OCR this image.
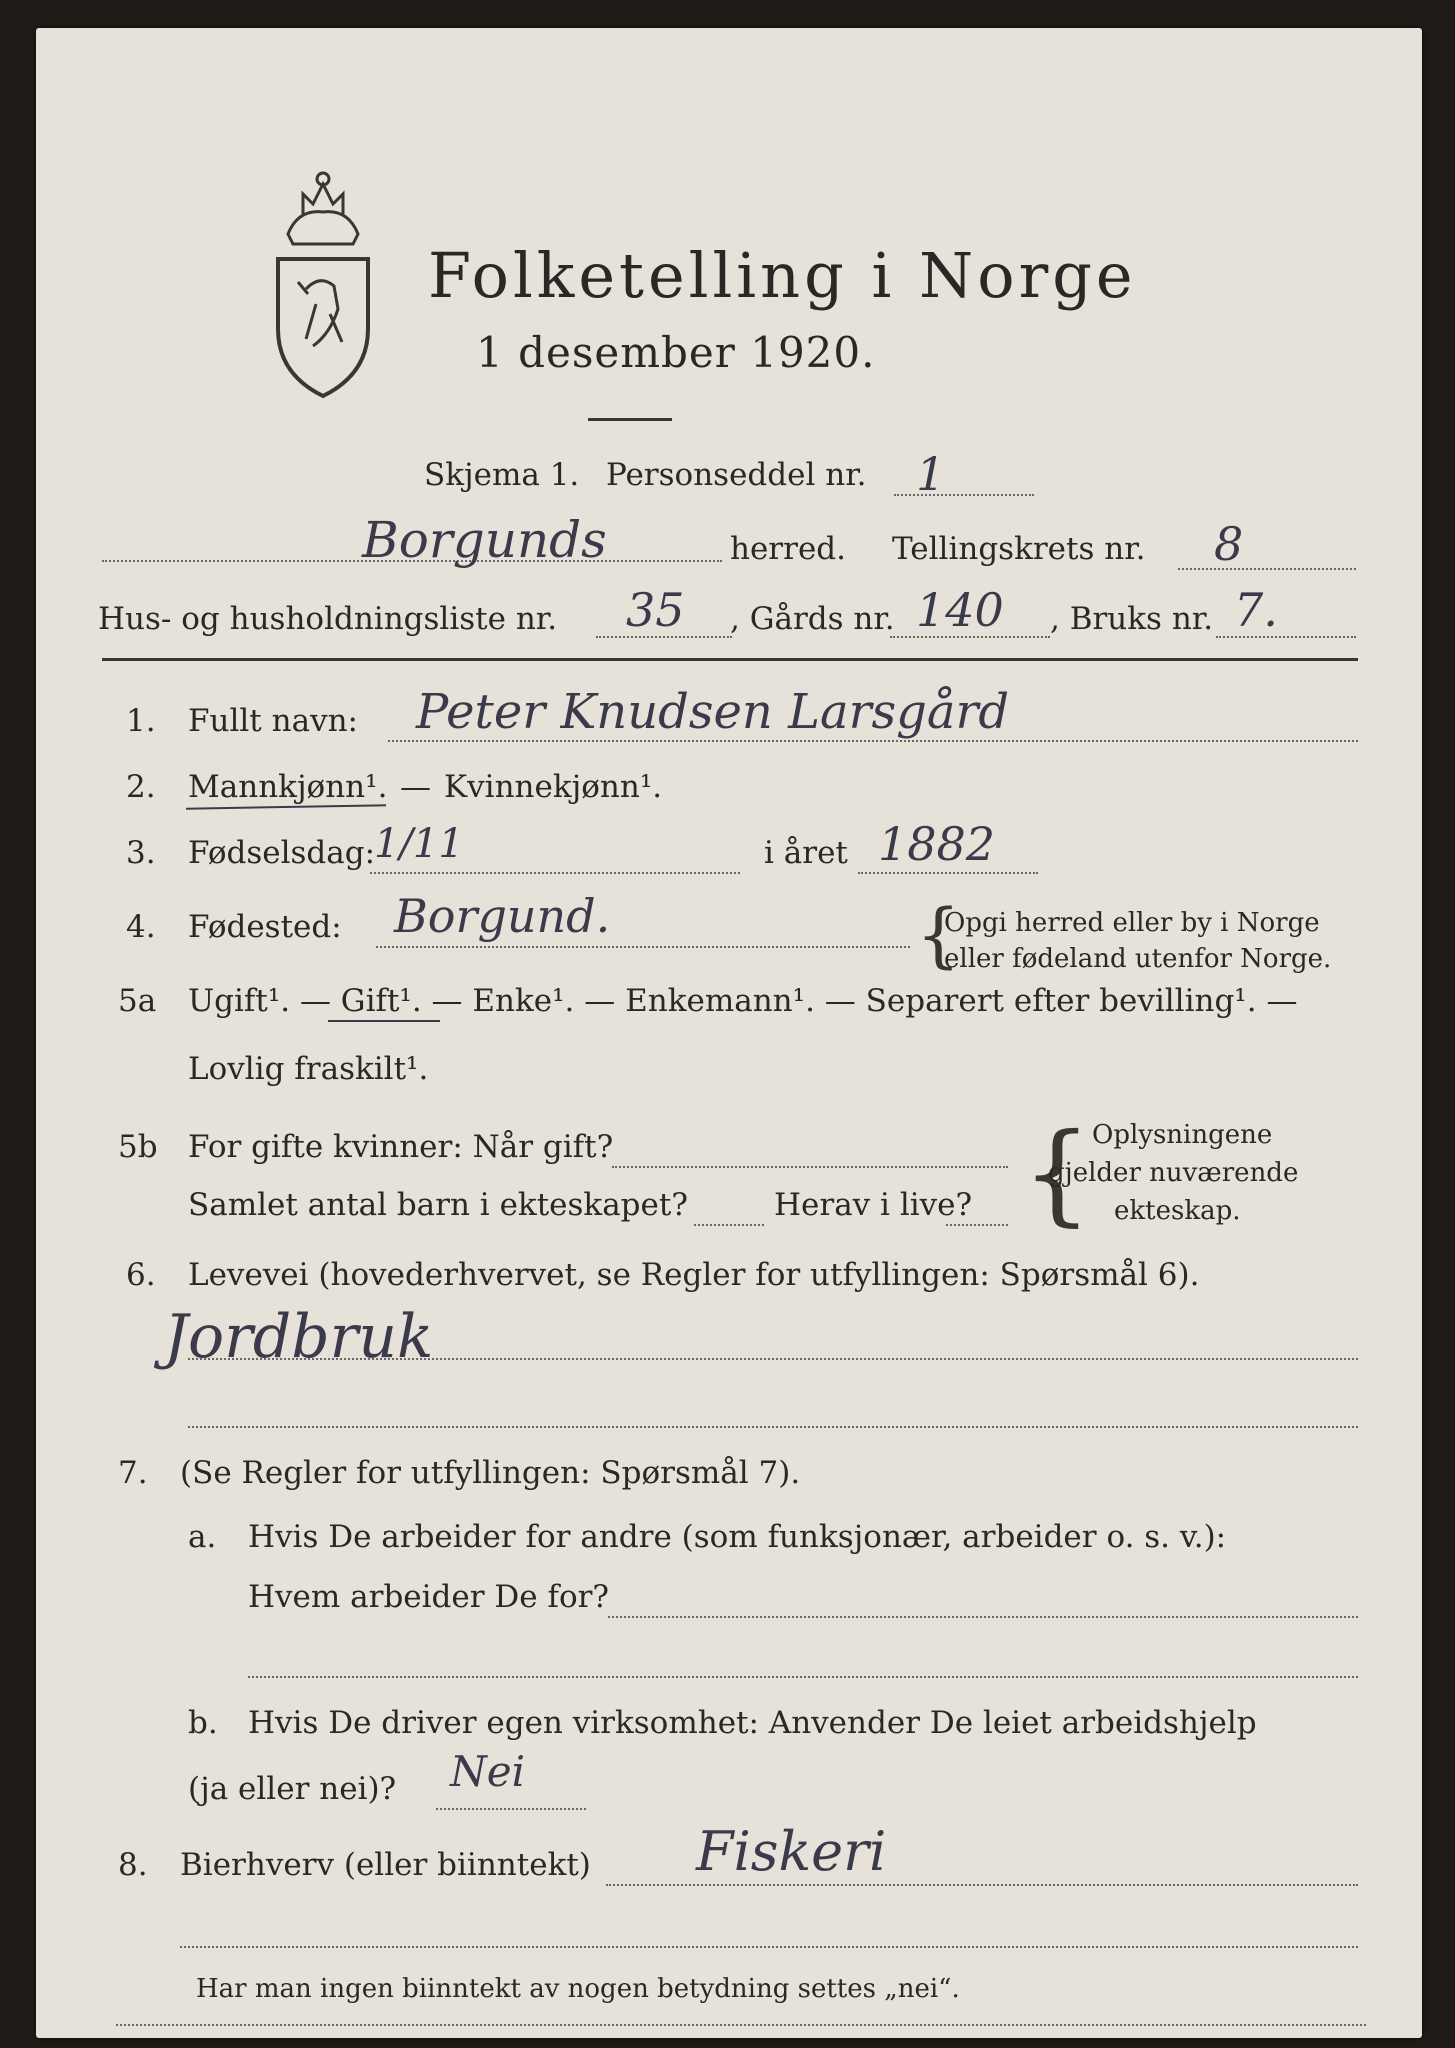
Folketelling i Norge
1 desember 1920.
Skjema 1. Personseddel nr. 1
Borgunds	herred. Tellingskrets nr. 8
Hus- og husholdningsliste nr. 35 , Gårds nr. 140 , Bruks nr. 7.
1. Fullt navn: Peter Knudsen Larsgård
2. Mannkjønn¹. — Kvinnekjønn¹.
3. Fødselsdag:
1/11	i året 1882
4. Fødested: Borgund.	{
Opgi herred eller by i Norge
eller fødeland utenfor Norge.
5a Ugift¹. — Gift¹. — Enke¹. — Enkemann¹. — Separert efter bevilling¹. —
Lovlig fraskilt¹.
5b For gifte kvinner: Når gift?
Samlet antal barn i ekteskapet?	Herav i live? { Oplysningene
gjelder nuværende
ekteskap.
6. Levevei (hovederhvervet, se Regler for utfyllingen: Spørsmål 6).
Jordbruk
7. (Se Regler for utfyllingen: Spørsmål 7).
a. Hvis De arbeider for andre (som funksjonær, arbeider o. s. v.):
Hvem arbeider De for?
b. Hvis De driver egen virksomhet: Anvender De leiet arbeidshjelp
(ja eller nei)? Nei
8. Bierhverv (eller biinntekt) Fiskeri
Har man ingen biinntekt av nogen betydning settes „nei“.
